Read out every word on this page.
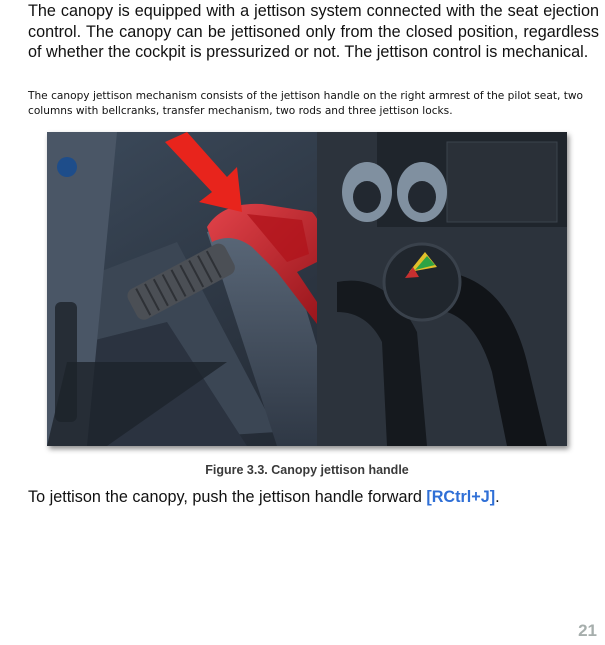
The canopy is equipped with a jettison system connected with the seat ejection control. The canopy can be jettisoned only from the closed position, regardless of whether the cockpit is pressurized or not. The jettison control is mechanical.

The canopy jettison mechanism consists of the jettison handle on the right armrest of the pilot seat, two columns with bellcranks, transfer mechanism, two rods and three jettison locks.

Figure 3.3. Canopy jettison handle

To jettison the canopy, push the jettison handle forward [RCtrl+J].

21
